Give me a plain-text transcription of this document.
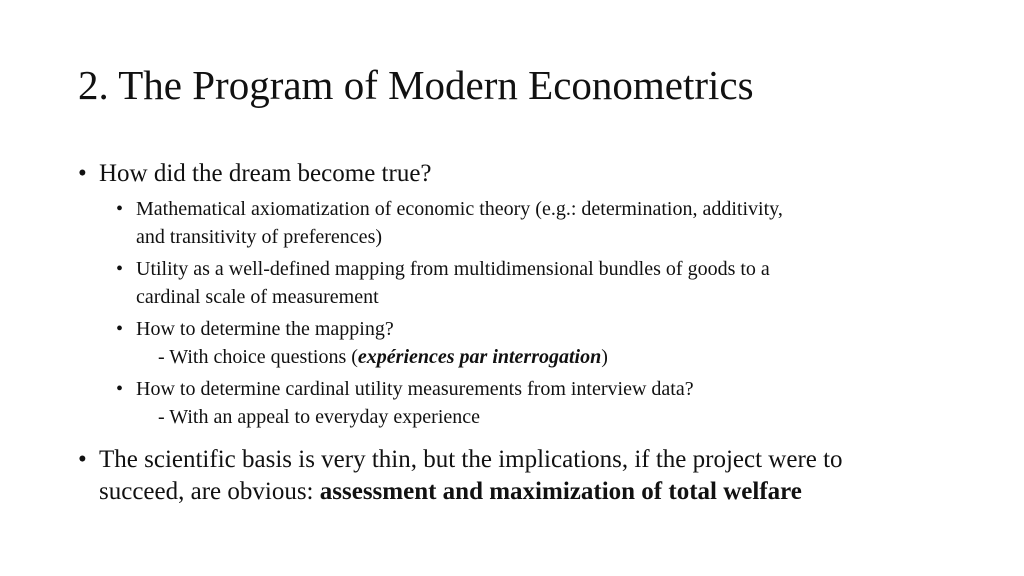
2. The Program of Modern Econometrics
• How did the dream become true?
• Mathematical axiomatization of economic theory (e.g.: determination, additivity,
and transitivity of preferences)
• Utility as a well-defined mapping from multidimensional bundles of goods to a
cardinal scale of measurement
• How to determine the mapping?
- With choice questions (expériences par interrogation)
• How to determine cardinal utility measurements from interview data?
- With an appeal to everyday experience
• The scientific basis is very thin, but the implications, if the project were to
succeed, are obvious: assessment and maximization of total welfare
